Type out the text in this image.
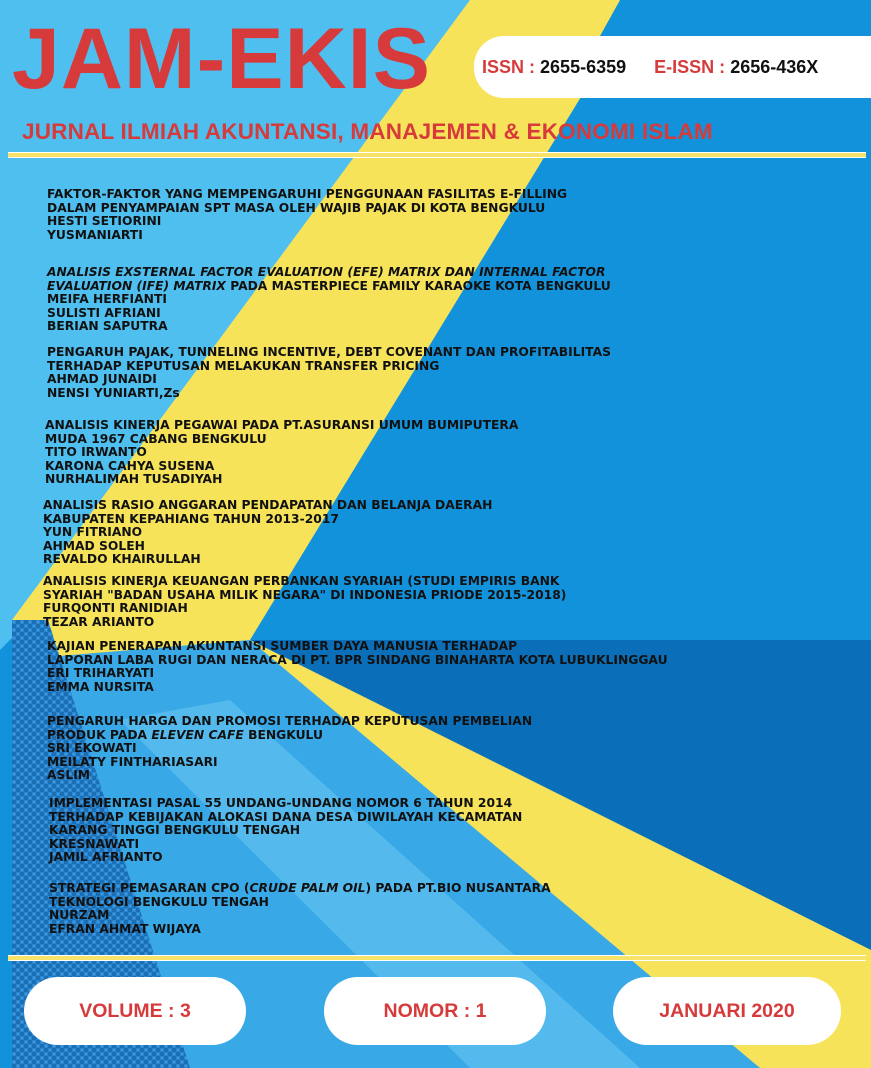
JAM-EKIS	ISSN : 2655-6359 E-ISSN : 2656-436X
JURNAL ILMIAH AKUNTANSI, MANAJEMEN & EKONOMI ISLAM
FAKTOR-FAKTOR YANG MEMPENGARUHI PENGGUNAAN FASILITAS E-FILLING
DALAM PENYAMPAIAN SPT MASA OLEH WAJIB PAJAK DI KOTA BENGKULU
HESTI SETIORINI
YUSMANIARTI
ANALISIS EXSTERNAL FACTOR EVALUATION (EFE) MATRIX DAN INTERNAL FACTOR
EVALUATION (IFE) MATRIX PADA MASTERPIECE FAMILY KARAOKE KOTA BENGKULU
MEIFA HERFIANTI
SULISTI AFRIANI
BERIAN SAPUTRA
PENGARUH PAJAK, TUNNELING INCENTIVE, DEBT COVENANT DAN PROFITABILITAS
TERHADAP KEPUTUSAN MELAKUKAN TRANSFER PRICING
AHMAD JUNAIDI
NENSI YUNIARTI,Zs
ANALISIS KINERJA PEGAWAI PADA PT.ASURANSI UMUM BUMIPUTERA
MUDA 1967 CABANG BENGKULU
TITO IRWANTO
KARONA CAHYA SUSENA
NURHALIMAH TUSADIYAH
ANALISIS RASIO ANGGARAN PENDAPATAN DAN BELANJA DAERAH
KABUPATEN KEPAHIANG TAHUN 2013-2017
YUN FITRIANO
AHMAD SOLEH
REVALDO KHAIRULLAH
ANALISIS KINERJA KEUANGAN PERBANKAN SYARIAH (STUDI EMPIRIS BANK
SYARIAH "BADAN USAHA MILIK NEGARA" DI INDONESIA PRIODE 2015-2018)
FURQONTI RANIDIAH
TEZAR ARIANTO
KAJIAN PENERAPAN AKUNTANSI SUMBER DAYA MANUSIA TERHADAP
LAPORAN LABA RUGI DAN NERACA DI PT. BPR SINDANG BINAHARTA KOTA LUBUKLINGGAU
ERI TRIHARYATI
EMMA NURSITA
PENGARUH HARGA DAN PROMOSI TERHADAP KEPUTUSAN PEMBELIAN
PRODUK PADA ELEVEN CAFE BENGKULU
SRI EKOWATI
MEILATY FINTHARIASARI
ASLIM
IMPLEMENTASI PASAL 55 UNDANG-UNDANG NOMOR 6 TAHUN 2014
TERHADAP KEBIJAKAN ALOKASI DANA DESA DIWILAYAH KECAMATAN
KARANG TINGGI BENGKULU TENGAH
KRESNAWATI
JAMIL AFRIANTO
STRATEGI PEMASARAN CPO (CRUDE PALM OIL) PADA PT.BIO NUSANTARA
TEKNOLOGI BENGKULU TENGAH
NURZAM
EFRAN AHMAT WIJAYA
VOLUME : 3	NOMOR : 1	JANUARI 2020
